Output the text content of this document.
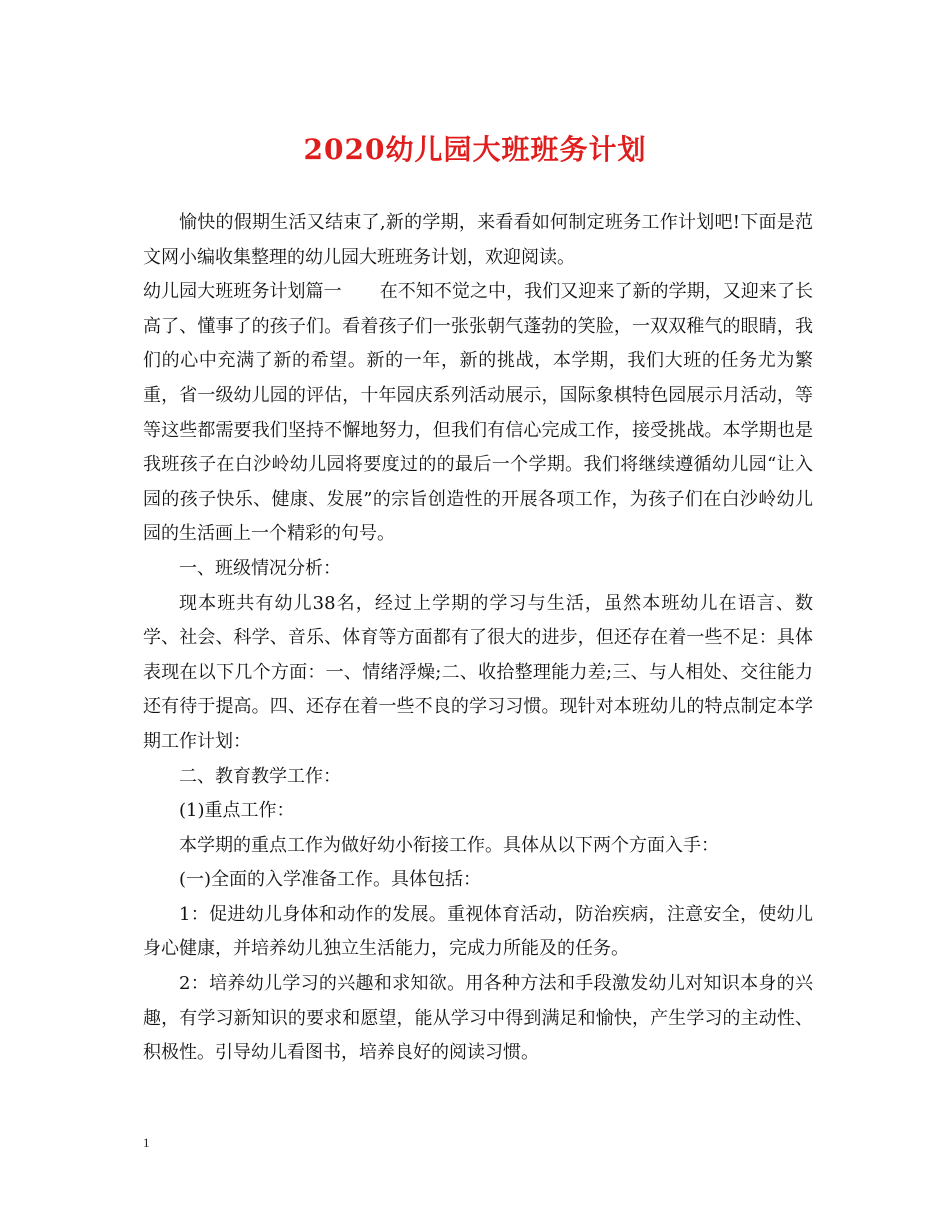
2020幼儿园大班班务计划

愉快的假期生活又结束了,新的学期，来看看如何制定班务工作计划吧!下面是范文网小编收集整理的幼儿园大班班务计划，欢迎阅读。

幼儿园大班班务计划篇一 在不知不觉之中，我们又迎来了新的学期，又迎来了长高了、懂事了的孩子们。看着孩子们一张张朝气蓬勃的笑脸，一双双稚气的眼睛，我们的心中充满了新的希望。新的一年，新的挑战，本学期，我们大班的任务尤为繁重，省一级幼儿园的评估，十年园庆系列活动展示，国际象棋特色园展示月活动，等等这些都需要我们坚持不懈地努力，但我们有信心完成工作，接受挑战。本学期也是我班孩子在白沙岭幼儿园将要度过的的最后一个学期。我们将继续遵循幼儿园“让入园的孩子快乐、健康、发展”的宗旨创造性的开展各项工作，为孩子们在白沙岭幼儿园的生活画上一个精彩的句号。

一、班级情况分析：

现本班共有幼儿38名，经过上学期的学习与生活，虽然本班幼儿在语言、数学、社会、科学、音乐、体育等方面都有了很大的进步，但还存在着一些不足：具体表现在以下几个方面：一、情绪浮燥;二、收拾整理能力差;三、与人相处、交往能力还有待于提高。四、还存在着一些不良的学习习惯。现针对本班幼儿的特点制定本学期工作计划：

二、教育教学工作：

(1)重点工作：

本学期的重点工作为做好幼小衔接工作。具体从以下两个方面入手：

(一)全面的入学准备工作。具体包括：

1：促进幼儿身体和动作的发展。重视体育活动，防治疾病，注意安全，使幼儿身心健康，并培养幼儿独立生活能力，完成力所能及的任务。

2：培养幼儿学习的兴趣和求知欲。用各种方法和手段激发幼儿对知识本身的兴趣，有学习新知识的要求和愿望，能从学习中得到满足和愉快，产生学习的主动性、积极性。引导幼儿看图书，培养良好的阅读习惯。

1
